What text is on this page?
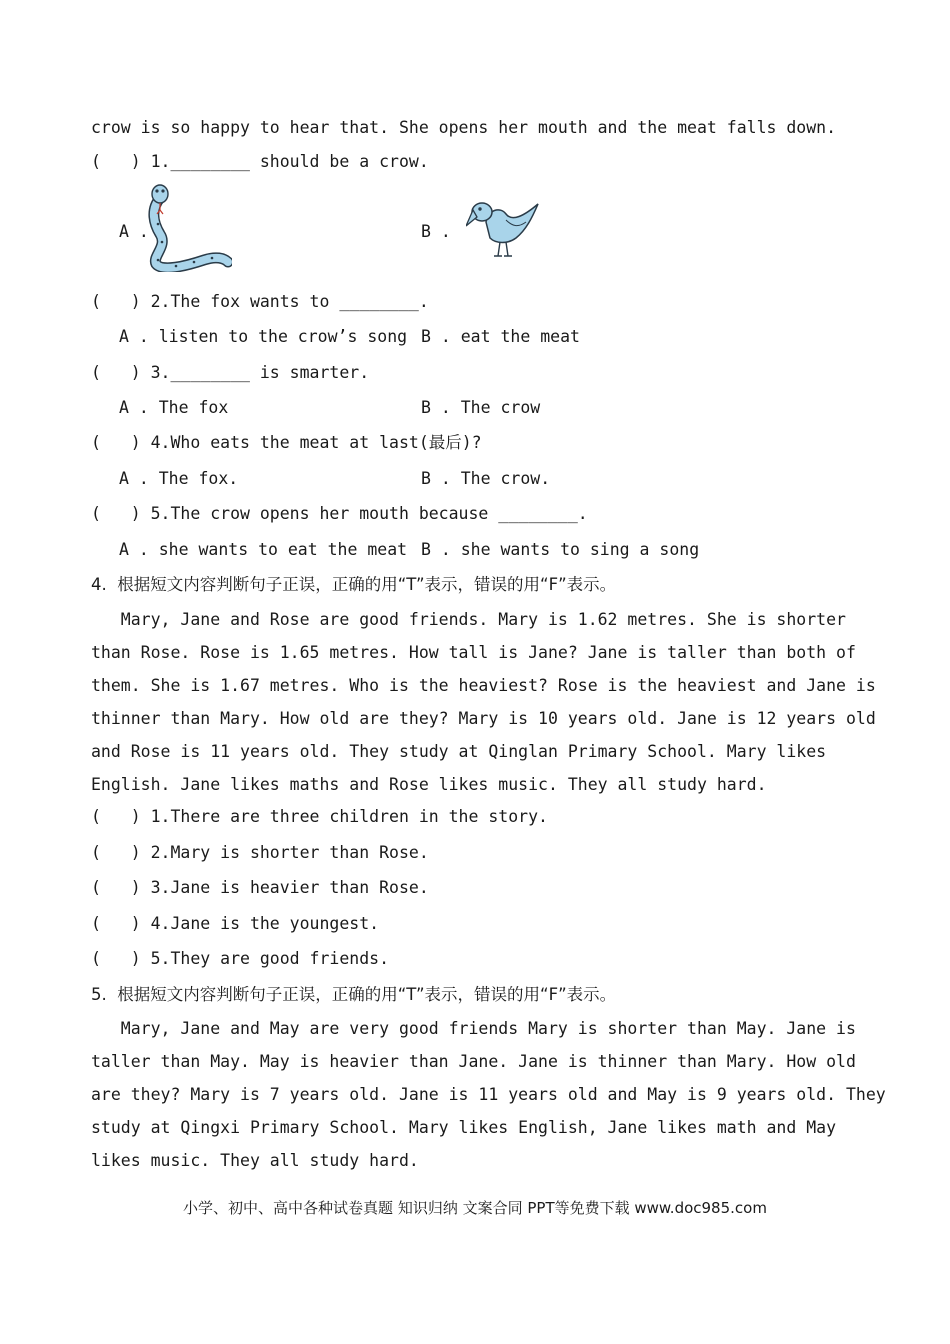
crow is so happy to hear that. She opens her mouth and the meat falls down.

(   ) 1.________ should be a crow.

A .	B .

(   ) 2.The fox wants to ________.

A . listen to the crow’s song B . eat the meat

(   ) 3.________ is smarter.

A . The fox	B . The crow

(   ) 4.Who eats the meat at last(最后)?

A . The fox.	B . The crow.

(   ) 5.The crow opens her mouth because ________.

A . she wants to eat the meat B . she wants to sing a song

4.  根据短文内容判断句子正误，正确的用“T”表示，错误的用“F”表示。

Mary, Jane and Rose are good friends. Mary is 1.62 metres. She is shorter
than Rose. Rose is 1.65 metres. How tall is Jane? Jane is taller than both of
them. She is 1.67 metres. Who is the heaviest? Rose is the heaviest and Jane is
thinner than Mary. How old are they? Mary is 10 years old. Jane is 12 years old
and Rose is 11 years old. They study at Qinglan Primary School. Mary likes
English. Jane likes maths and Rose likes music. They all study hard.

(   ) 1.There are three children in the story.

(   ) 2.Mary is shorter than Rose.

(   ) 3.Jane is heavier than Rose.

(   ) 4.Jane is the youngest.

(   ) 5.They are good friends.

5.  根据短文内容判断句子正误，正确的用“T”表示，错误的用“F”表示。

Mary, Jane and May are very good friends Mary is shorter than May. Jane is
taller than May. May is heavier than Jane. Jane is thinner than Mary. How old
are they? Mary is 7 years old. Jane is 11 years old and May is 9 years old. They
study at Qingxi Primary School. Mary likes English, Jane likes math and May
likes music. They all study hard.
小学、初中、高中各种试卷真题 知识归纳 文案合同 PPT等免费下载 www.doc985.com
